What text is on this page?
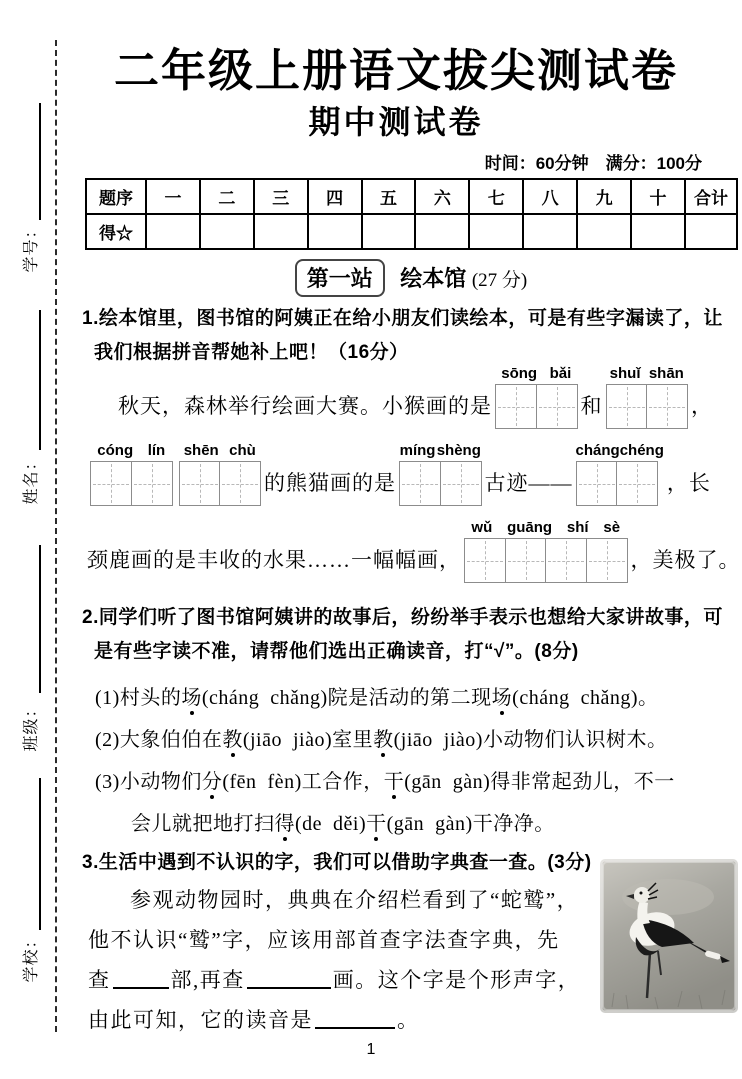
学号：
姓名：
班级：
学校：
二年级上册语文拔尖测试卷
期中测试卷
时间：60分钟　满分：100分
题序	一	二	三	四	五	六	七	八	九	十	合计
得☆											
第一站 绘本馆 (27 分)
1.绘本馆里，图书馆的阿姨正在给小朋友们读绘本，可是有些字漏读了，让
我们根据拼音帮她补上吧！（16分）
秋天，森林举行绘画大赛。小猴画的是
sōng bǎi
和
shuǐ shān
，
cóng lín shēn chù
的熊猫画的是
míng shèng
古迹——
cháng chéng
，长
颈鹿画的是丰收的水果……一幅幅画，
wǔ guāng shí sè
，美极了。
2.同学们听了图书馆阿姨讲的故事后，纷纷举手表示也想给大家讲故事，可
是有些字读不准，请帮他们选出正确读音，打“√”。(8分)
(1)村头的场(cháng  chǎng)院是活动的第二现场(cháng  chǎng)。
(2)大象伯伯在教(jiāo  jiào)室里教(jiāo  jiào)小动物们认识树木。
(3)小动物们分(fēn  fèn)工合作，干(gān  gàn)得非常起劲儿，不一
会儿就把地打扫得(de  děi)干(gān  gàn)干净净。
3.生活中遇到不认识的字，我们可以借助字典查一查。(3分)
参观动物园时，典典在介绍栏看到了“蛇鹫”，
他不认识“鹫”字，应该用部首查字法查字典，先
查	部,再查	画。这个字是个形声字，
由此可知，它的读音是	。
1
